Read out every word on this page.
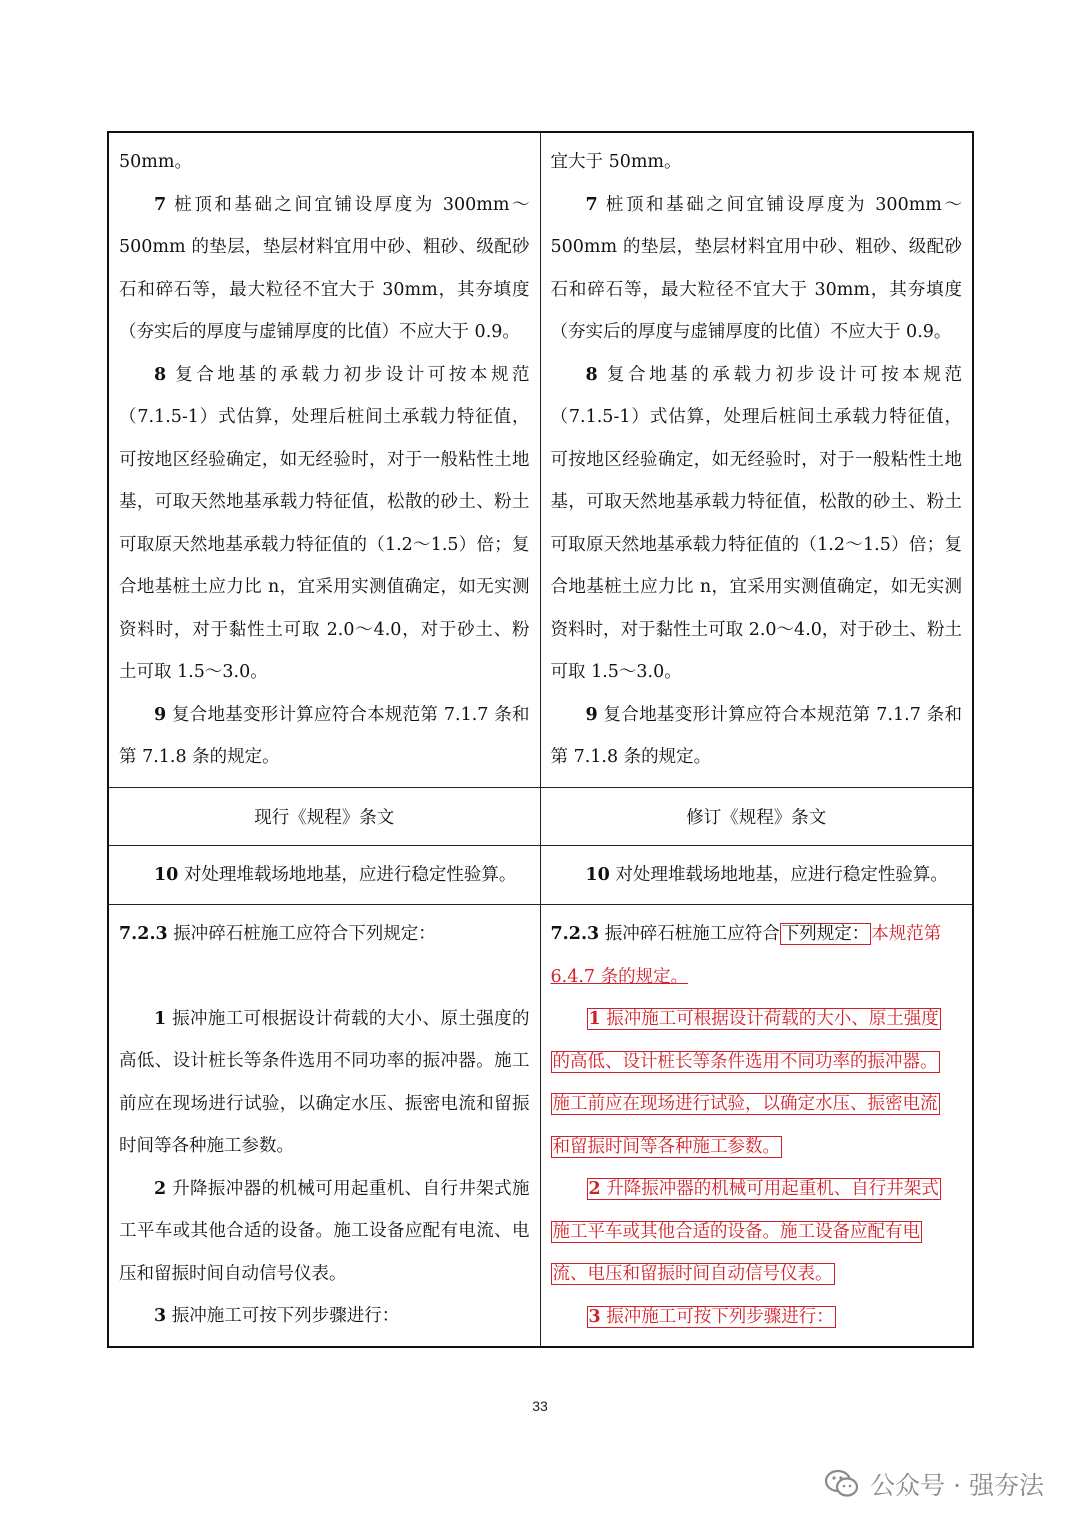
50mm。

7 桩顶和基础之间宜铺设厚度为 300mm～500mm 的垫层，垫层材料宜用中砂、粗砂、级配砂石和碎石等，最大粒径不宜大于 30mm，其夯填度（夯实后的厚度与虚铺厚度的比值）不应大于 0.9。

8 复合地基的承载力初步设计可按本规范（7.1.5-1）式估算，处理后桩间土承载力特征值，可按地区经验确定，如无经验时，对于一般粘性土地基，可取天然地基承载力特征值，松散的砂土、粉土可取原天然地基承载力特征值的（1.2～1.5）倍；复合地基桩土应力比 n，宜采用实测值确定，如无实测资料时，对于黏性土可取 2.0～4.0，对于砂土、粉土可取 1.5～3.0。

9 复合地基变形计算应符合本规范第 7.1.7 条和第 7.1.8 条的规定。

宜大于 50mm。

7 桩顶和基础之间宜铺设厚度为 300mm～500mm 的垫层，垫层材料宜用中砂、粗砂、级配砂石和碎石等，最大粒径不宜大于 30mm，其夯填度（夯实后的厚度与虚铺厚度的比值）不应大于 0.9。

8 复合地基的承载力初步设计可按本规范（7.1.5-1）式估算，处理后桩间土承载力特征值，可按地区经验确定，如无经验时，对于一般粘性土地基，可取天然地基承载力特征值，松散的砂土、粉土可取原天然地基承载力特征值的（1.2～1.5）倍；复合地基桩土应力比 n，宜采用实测值确定，如无实测资料时，对于黏性土可取 2.0～4.0，对于砂土、粉土可取 1.5～3.0。

9 复合地基变形计算应符合本规范第 7.1.7 条和第 7.1.8 条的规定。

现行《规程》条文	修订《规程》条文

10 对处理堆载场地地基，应进行稳定性验算。	10 对处理堆载场地地基，应进行稳定性验算。

7.2.3 振冲碎石桩施工应符合下列规定：

1 振冲施工可根据设计荷载的大小、原土强度的高低、设计桩长等条件选用不同功率的振冲器。施工前应在现场进行试验，以确定水压、振密电流和留振时间等各种施工参数。

2 升降振冲器的机械可用起重机、自行井架式施工平车或其他合适的设备。施工设备应配有电流、电压和留振时间自动信号仪表。

3 振冲施工可按下列步骤进行：

7.2.3 振冲碎石桩施工应符合 下列规定： 本规范第
6.4.7 条的规定。

1 振冲施工可根据设计荷载的大小、原土强度

的高低、设计桩长等条件选用不同功率的振冲器。

施工前应在现场进行试验，以确定水压、振密电流

和留振时间等各种施工参数。

2 升降振冲器的机械可用起重机、自行井架式

施工平车或其他合适的设备。施工设备应配有电

流、电压和留振时间自动信号仪表。

3 振冲施工可按下列步骤进行：

33
公众号 · 强夯法
